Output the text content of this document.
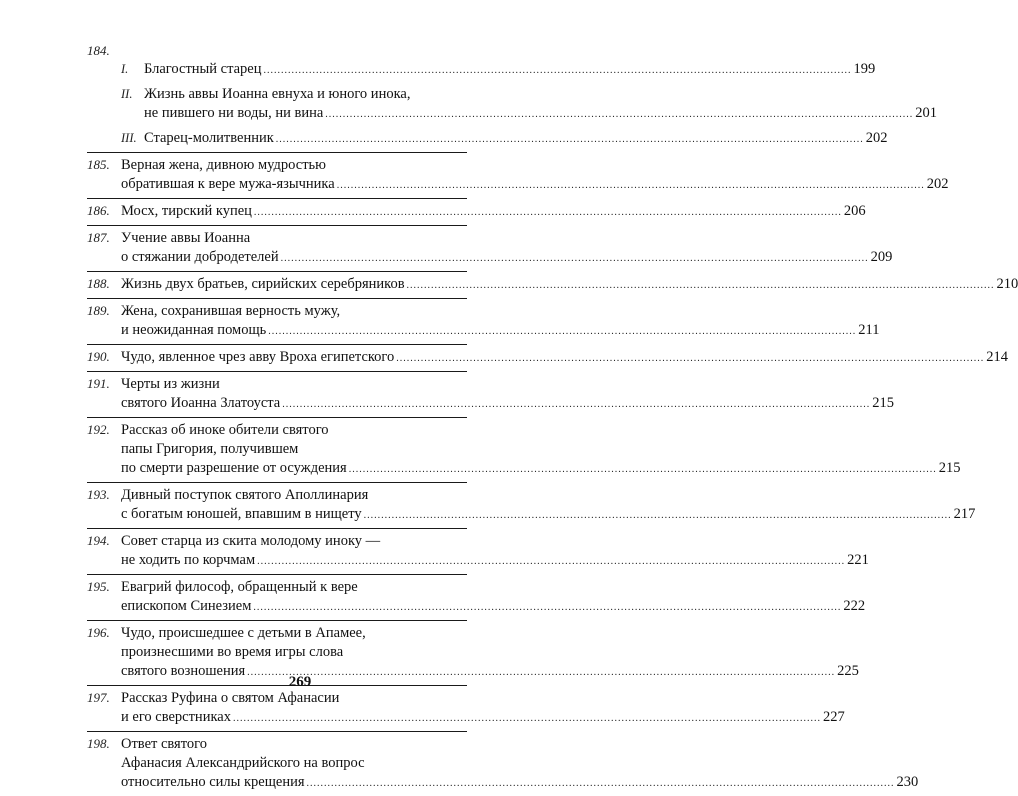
184.
I.	Благостный старец .....	199
II. Жизнь аввы Иоанна евнуха и юного инока,
не пившего ни воды, ни вина .....	201
III. Старец-молитвенник .....	202
185. Верная жена, дивною мудростью
обратившая к вере мужа-язычника .....	202
186. Мосх, тирский купец .....	206
187. Учение аввы Иоанна
о стяжании добродетелей .....	209
188. Жизнь двух братьев, сирийских серебряников .....	210
189. Жена, сохранившая верность мужу,
и неожиданная помощь .....	211
190. Чудо, явленное чрез авву Вроха египетского .....	214
191. Черты из жизни
святого Иоанна Златоуста .....	215
192. Рассказ об иноке обители святого
папы Григория, получившем
по смерти разрешение от осуждения .....	215
193. Дивный поступок святого Аполлинария
с богатым юношей, впавшим в нищету .....	217
194. Совет старца из скита молодому иноку —
не ходить по корчмам .....	221
195. Евагрий философ, обращенный к вере
епископом Синезием .....	222
196. Чудо, происшедшее с детьми в Апамее,
произнесшими во время игры слова
святого возношения .....	225
197. Рассказ Руфина о святом Афанасии
и его сверстниках .....	227
198. Ответ святого
Афанасия Александрийского на вопрос
относительно силы крещения .....	230
269
